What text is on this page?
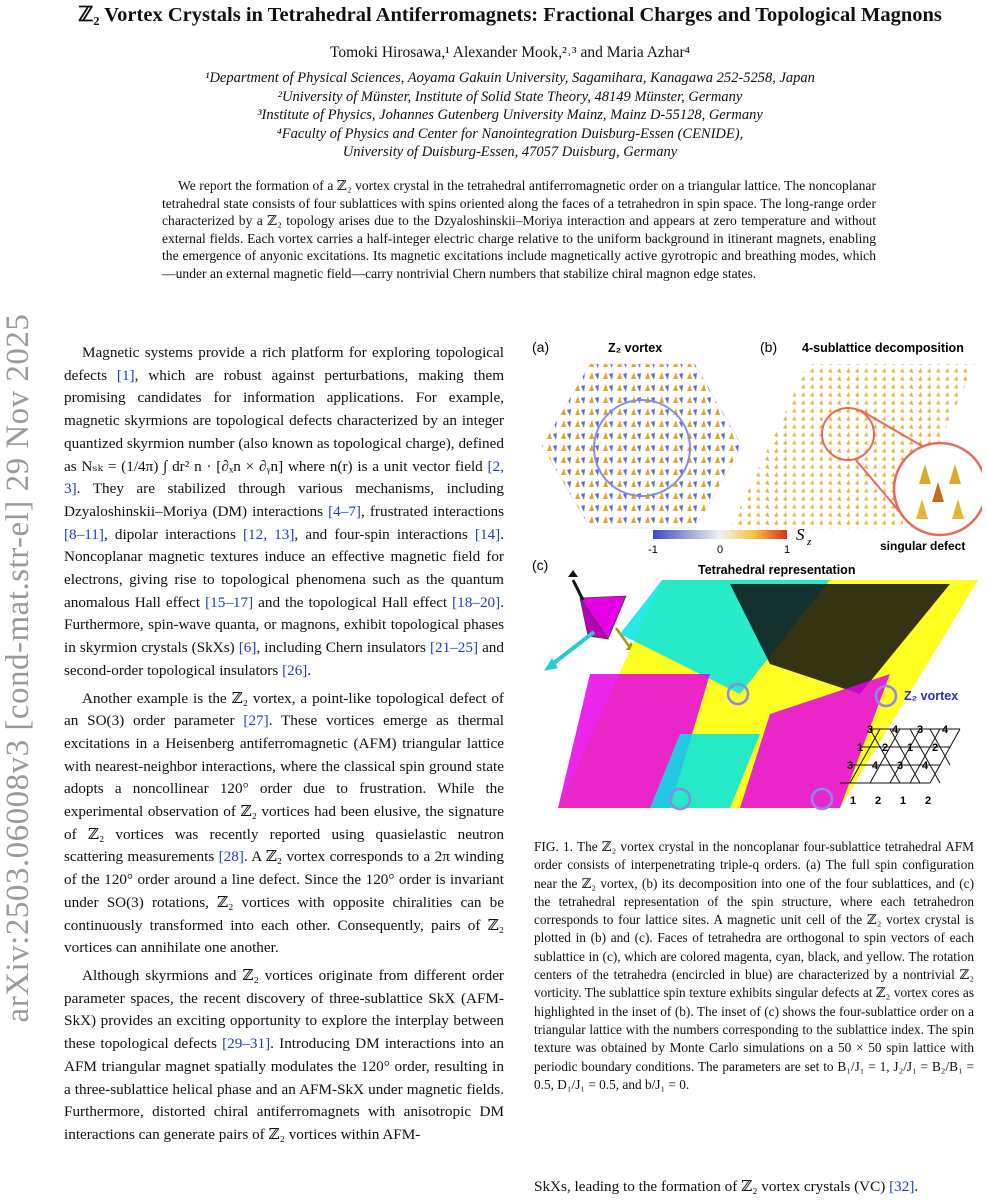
arXiv:2503.06008v3 [cond-mat.str-el] 29 Nov 2025
ℤ₂ Vortex Crystals in Tetrahedral Antiferromagnets: Fractional Charges and Topological Magnons
Tomoki Hirosawa,¹ Alexander Mook,²˒³ and Maria Azhar⁴
¹Department of Physical Sciences, Aoyama Gakuin University, Sagamihara, Kanagawa 252-5258, Japan
²University of Münster, Institute of Solid State Theory, 48149 Münster, Germany
³Institute of Physics, Johannes Gutenberg University Mainz, Mainz D-55128, Germany
⁴Faculty of Physics and Center for Nanointegration Duisburg-Essen (CENIDE),
University of Duisburg-Essen, 47057 Duisburg, Germany
We report the formation of a ℤ₂ vortex crystal in the tetrahedral antiferromagnetic order on a triangular lattice. The noncoplanar tetrahedral state consists of four sublattices with spins oriented along the faces of a tetrahedron in spin space. The long-range order characterized by a ℤ₂ topology arises due to the Dzyaloshinskii–Moriya interaction and appears at zero temperature and without external fields. Each vortex carries a half-integer electric charge relative to the uniform background in itinerant magnets, enabling the emergence of anyonic excitations. Its magnetic excitations include magnetically active gyrotropic and breathing modes, which—under an external magnetic field—carry nontrivial Chern numbers that stabilize chiral magnon edge states.

Magnetic systems provide a rich platform for exploring topological defects [1], which are robust against perturbations, making them promising candidates for information applications. For example, magnetic skyrmions are topological defects characterized by an integer quantized skyrmion number (also known as topological charge), defined as Nₛₖ = (1/4π) ∫ dr² n · [∂ₓn × ∂ᵧn] where n(r) is a unit vector field [2, 3]. They are stabilized through various mechanisms, including Dzyaloshinskii–Moriya (DM) interactions [4–7], frustrated interactions [8–11], dipolar interactions [12, 13], and four-spin interactions [14]. Noncoplanar magnetic textures induce an effective magnetic field for electrons, giving rise to topological phenomena such as the quantum anomalous Hall effect [15–17] and the topological Hall effect [18–20]. Furthermore, spin-wave quanta, or magnons, exhibit topological phases in skyrmion crystals (SkXs) [6], including Chern insulators [21–25] and second-order topological insulators [26].

Another example is the ℤ₂ vortex, a point-like topological defect of an SO(3) order parameter [27]. These vortices emerge as thermal excitations in a Heisenberg antiferromagnetic (AFM) triangular lattice with nearest-neighbor interactions, where the classical spin ground state adopts a noncollinear 120° order due to frustration. While the experimental observation of ℤ₂ vortices had been elusive, the signature of ℤ₂ vortices was recently reported using quasielastic neutron scattering measurements [28]. A ℤ₂ vortex corresponds to a 2π winding of the 120° order around a line defect. Since the 120° order is invariant under SO(3) rotations, ℤ₂ vortices with opposite chiralities can be continuously transformed into each other. Consequently, pairs of ℤ₂ vortices can annihilate one another.

Although skyrmions and ℤ₂ vortices originate from different order parameter spaces, the recent discovery of three-sublattice SkX (AFM-SkX) provides an exciting opportunity to explore the interplay between these topological defects [29–31]. Introducing DM interactions into an AFM triangular magnet spatially modulates the 120° order, resulting in a three-sublattice helical phase and an AFM-SkX under magnetic fields. Furthermore, distorted chiral antiferromagnets with anisotropic DM interactions can generate pairs of ℤ₂ vortices within AFM-

(a)	Z₂ vortex	(b) 4-sublattice decomposition
singular defect
-1	0	1
S z
(c)	Tetrahedral representation
Z₂ vortex
3 4 3 4
1 2 1 2
3 4 3 4
1 2 1 2
FIG. 1. The ℤ₂ vortex crystal in the noncoplanar four-sublattice tetrahedral AFM order consists of interpenetrating triple-q orders. (a) The full spin configuration near the ℤ₂ vortex, (b) its decomposition into one of the four sublattices, and (c) the tetrahedral representation of the spin structure, where each tetrahedron corresponds to four lattice sites. A magnetic unit cell of the ℤ₂ vortex crystal is plotted in (b) and (c). Faces of tetrahedra are orthogonal to spin vectors of each sublattice in (c), which are colored magenta, cyan, black, and yellow. The rotation centers of the tetrahedra (encircled in blue) are characterized by a nontrivial ℤ₂ vorticity. The sublattice spin texture exhibits singular defects at ℤ₂ vortex cores as highlighted in the inset of (b). The inset of (c) shows the four-sublattice order on a triangular lattice with the numbers corresponding to the sublattice index. The spin texture was obtained by Monte Carlo simulations on a 50 × 50 spin lattice with periodic boundary conditions. The parameters are set to B₁/J₁ = 1, J₂/J₁ = B₂/B₁ = 0.5, D₁/J₁ = 0.5, and b/J₁ = 0.
SkXs, leading to the formation of ℤ₂ vortex crystals (VC) [32].
